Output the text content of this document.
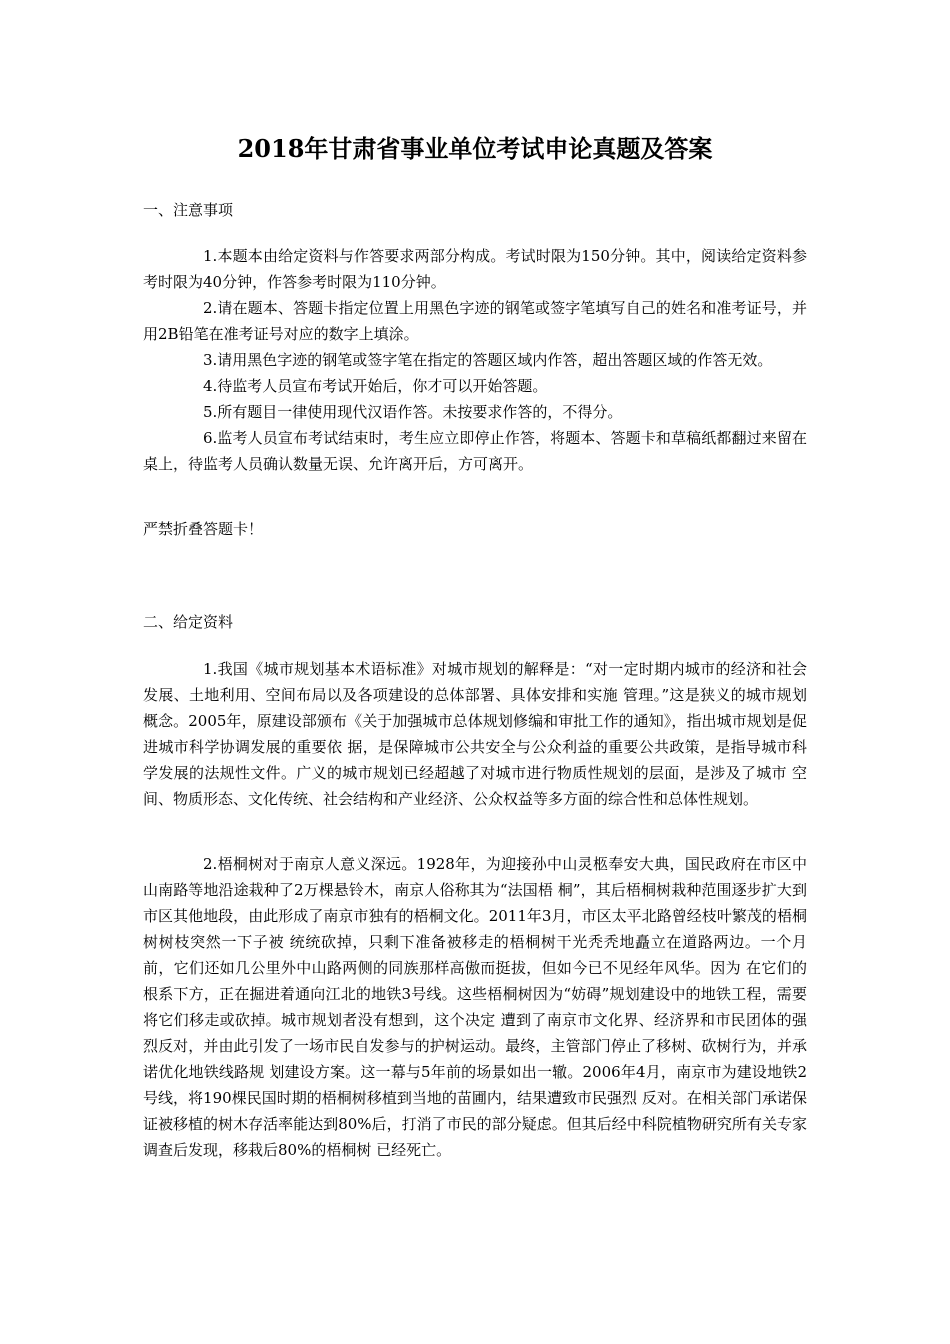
2018年甘肃省事业单位考试申论真题及答案
一、注意事项

1.本题本由给定资料与作答要求两部分构成。考试时限为150分钟。其中，阅读给定资料参考时限为40分钟，作答参考时限为110分钟。

2.请在题本、答题卡指定位置上用黑色字迹的钢笔或签字笔填写自己的姓名和准考证号，并用2B铅笔在准考证号对应的数字上填涂。

3.请用黑色字迹的钢笔或签字笔在指定的答题区域内作答，超出答题区域的作答无效。

4.待监考人员宣布考试开始后，你才可以开始答题。

5.所有题目一律使用现代汉语作答。未按要求作答的，不得分。

6.监考人员宣布考试结束时，考生应立即停止作答，将题本、答题卡和草稿纸都翻过来留在桌上，待监考人员确认数量无误、允许离开后，方可离开。

严禁折叠答题卡！
二、给定资料

1.我国《城市规划基本术语标准》对城市规划的解释是：“对一定时期内城市的经济和社会发展、土地利用、空间布局以及各项建设的总体部署、具体安排和实施 管理。”这是狭义的城市规划概念。2005年，原建设部颁布《关于加强城市总体规划修编和审批工作的通知》，指出城市规划是促进城市科学协调发展的重要依 据，是保障城市公共安全与公众利益的重要公共政策，是指导城市科学发展的法规性文件。广义的城市规划已经超越了对城市进行物质性规划的层面，是涉及了城市 空间、物质形态、文化传统、社会结构和产业经济、公众权益等多方面的综合性和总体性规划。

2.梧桐树对于南京人意义深远。1928年，为迎接孙中山灵柩奉安大典，国民政府在市区中山南路等地沿途栽种了2万棵悬铃木，南京人俗称其为“法国梧 桐”，其后梧桐树栽种范围逐步扩大到市区其他地段，由此形成了南京市独有的梧桐文化。2011年3月，市区太平北路曾经枝叶繁茂的梧桐树树枝突然一下子被 统统砍掉，只剩下准备被移走的梧桐树干光秃秃地矗立在道路两边。一个月前，它们还如几公里外中山路两侧的同族那样高傲而挺拔，但如今已不见经年风华。因为 在它们的根系下方，正在掘进着通向江北的地铁3号线。这些梧桐树因为“妨碍”规划建设中的地铁工程，需要将它们移走或砍掉。城市规划者没有想到，这个决定 遭到了南京市文化界、经济界和市民团体的强烈反对，并由此引发了一场市民自发参与的护树运动。最终，主管部门停止了移树、砍树行为，并承诺优化地铁线路规 划建设方案。这一幕与5年前的场景如出一辙。2006年4月，南京市为建设地铁2号线，将190棵民国时期的梧桐树移植到当地的苗圃内，结果遭致市民强烈 反对。在相关部门承诺保证被移植的树木存活率能达到80%后，打消了市民的部分疑虑。但其后经中科院植物研究所有关专家调查后发现，移栽后80%的梧桐树 已经死亡。
